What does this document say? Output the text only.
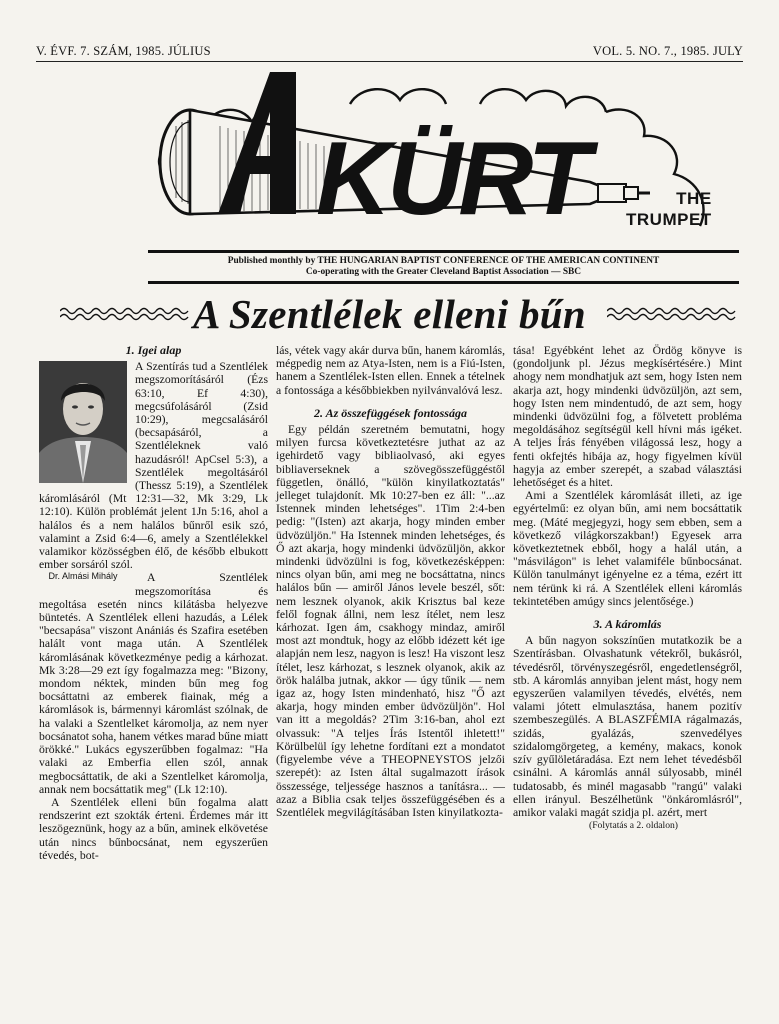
V. ÉVF. 7. SZÁM, 1985. JÚLIUS	VOL. 5. NO. 7., 1985. JULY
KÜRT	THE
TRUMPET
Published monthly by THE HUNGARIAN BAPTIST CONFERENCE OF THE AMERICAN CONTINENT
Co-operating with the Greater Cleveland Baptist Association — SBC
A Szentlélek elleni bűn

1. Igei alap

A Szentírás tud a Szentlélek megszomorításáról (Ézs 63:10, Ef 4:30), megcsúfolásáról (Zsid 10:29), megcsalásáról (becsapásáról, a Szentléleknek való hazudásról! ApCsel 5:3), a Szentlélek megoltásáról (Thessz 5:19), a Szentlélek káromlásáról (Mt 12:31—32, Mk 3:29, Lk 12:10). Külön problémát jelent 1Jn 5:16, ahol a halálos és a nem halálos bűnről esik szó, valamint a Zsid 6:4—6, amely a Szentlélekkel valamikor közösségben élő, de később elbukott ember sorsáról szól.

Dr. Almási Mihály	A Szentlélek megszomorítása és megoltása esetén nincs kilátásba helyezve büntetés. A Szentlélek elleni hazudás, a Lélek "becsapása" viszont Anániás és Szafira esetében halált vont maga után. A Szentlélek káromlásának következménye pedig a kárhozat. Mk 3:28—29 ezt így fogalmazza meg: "Bizony, mondom néktek, minden bűn meg fog bocsáttatni az emberek fiainak, még a káromlások is, bármennyi káromlást szólnak, de ha valaki a Szentlelket káromolja, az nem nyer bocsánatot soha, hanem vétkes marad bűne miatt örökké." Lukács egyszerűbben fogalmaz: "Ha valaki az Emberfia ellen szól, annak megbocsáttatik, de aki a Szentlelket káromolja, annak nem bocsáttatik meg" (Lk 12:10).

A Szentlélek elleni bűn fogalma alatt rendszerint ezt szokták érteni. Érdemes már itt leszögeznünk, hogy az a bűn, aminek elkövetése után nincs bűnbocsánat, nem egyszerűen tévedés, bot-

lás, vétek vagy akár durva bűn, hanem káromlás, mégpedig nem az Atya-Isten, nem is a Fiú-Isten, hanem a Szentlélek-Isten ellen. Ennek a tételnek a fontossága a későbbiekben nyilvánvalóvá lesz.

2. Az összefüggések fontossága

Egy példán szeretném bemutatni, hogy milyen furcsa következtetésre juthat az az igehirdető vagy bibliaolvasó, aki egyes bibliaverseknek a szövegösszefüggéstől független, önálló, "külön kinyilatkoztatás" jelleget tulajdonít. Mk 10:27-ben ez áll: "...az Istennek minden lehetséges". 1Tim 2:4-ben pedig: "(Isten) azt akarja, hogy minden ember üdvözüljön." Ha Istennek minden lehetséges, és Ő azt akarja, hogy mindenki üdvözüljön, akkor mindenki üdvözülni is fog, következésképpen: nincs olyan bűn, ami meg ne bocsáttatna, nincs halálos bűn — amiről János levele beszél, sőt: nem lesznek olyanok, akik Krisztus bal keze felől fognak állni, nem lesz ítélet, nem lesz kárhozat. Igen ám, csakhogy mindaz, amiről most azt mondtuk, hogy az előbb idézett két ige alapján nem lesz, nagyon is lesz! Ha viszont lesz ítélet, lesz kárhozat, s lesznek olyanok, akik az örök halálba jutnak, akkor — úgy tűnik — nem igaz az, hogy Isten mindenható, hisz "Ő azt akarja, hogy minden ember üdvözüljön". Hol van itt a megoldás? 2Tim 3:16-ban, ahol ezt olvassuk: "A teljes Írás Istentől ihletett!" Körülbelül így lehetne fordítani ezt a mondatot (figyelembe véve a THEOPNEYSTOS jelzői szerepét): az Isten által sugalmazott írások összessége, teljessége hasznos a tanításra... — azaz a Biblia csak teljes összefüggésében és a Szentlélek megvilágításában Isten kinyilatkozta-

tása! Egyébként lehet az Ördög könyve is (gondoljunk pl. Jézus megkísértésére.) Mint ahogy nem mondhatjuk azt sem, hogy Isten nem akarja azt, hogy mindenki üdvözüljön, azt sem, hogy Isten nem mindentudó, de azt sem, hogy mindenki üdvözülni fog, a fölvetett probléma megoldásához segítségül kell hívni más igéket. A teljes Írás fényében világossá lesz, hogy a fenti okfejtés hibája az, hogy figyelmen kívül hagyja az ember szerepét, a szabad választási lehetőséget és a hitet.

Ami a Szentlélek káromlását illeti, az ige egyértelmű: ez olyan bűn, ami nem bocsáttatik meg. (Máté megjegyzi, hogy sem ebben, sem a következő világkorszakban!) Egyesek arra következtetnek ebből, hogy a halál után, a "másvilágon" is lehet valamiféle bűnbocsánat. Külön tanulmányt igényelne ez a téma, ezért itt nem térünk ki rá. A Szentlélek elleni káromlás tekintetében amúgy sincs jelentősége.)

3. A káromlás

A bűn nagyon sokszínűen mutatkozik be a Szentírásban. Olvashatunk vétekről, bukásról, tévedésről, törvényszegésről, engedetlenségről, stb. A káromlás annyiban jelent mást, hogy nem egyszerűen valamilyen tévedés, elvétés, nem valami jótett elmulasztása, hanem pozitív szembeszegülés. A BLASZFÉMIA rágalmazás, szidás, gyalázás, szenvedélyes szidalomgörgeteg, a kemény, makacs, konok szív gyűlöletáradása. Ezt nem lehet tévedésből csinálni. A káromlás annál súlyosabb, minél tudatosabb, és minél magasabb "rangú" valaki ellen irányul. Beszélhetünk "önkáromlásról", amikor valaki magát szidja pl. azért, mert

(Folytatás a 2. oldalon)
